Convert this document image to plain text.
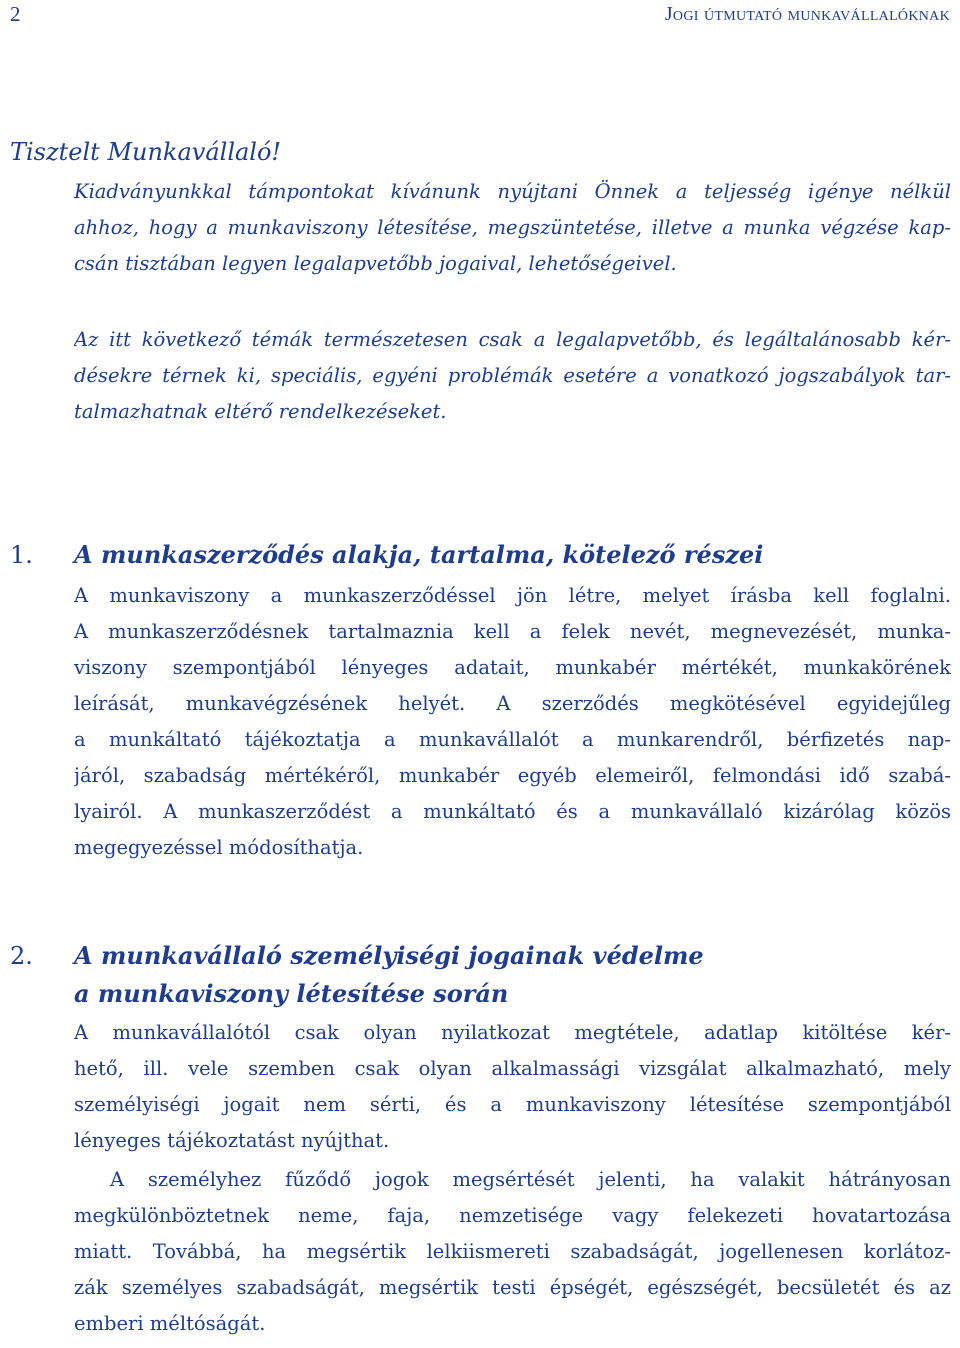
2	Jogi útmutató munkavállalóknak
Tisztelt Munkavállaló!
Kiadványunkkal támpontokat kívánunk nyújtani Önnek a teljesség igénye nélkül
ahhoz, hogy a munkaviszony létesítése, megszüntetése, illetve a munka végzése kap-
csán tisztában legyen legalapvetőbb jogaival, lehetőségeivel.
Az itt következő témák természetesen csak a legalapvetőbb, és legáltalánosabb kér-
désekre térnek ki, speciális, egyéni problémák esetére a vonatkozó jogszabályok tar-
talmazhatnak eltérő rendelkezéseket.
1. A munkaszerződés alakja, tartalma, kötelező részei
A munkaviszony a munkaszerződéssel jön létre, melyet írásba kell foglalni.
A munkaszerződésnek tartalmaznia kell a felek nevét, megnevezését, munka-
viszony szempontjából lényeges adatait, munkabér mértékét, munkakörének
leírását, munkavégzésének helyét. A szerződés megkötésével egyidejűleg
a munkáltató tájékoztatja a munkavállalót a munkarendről, bérfizetés nap-
járól, szabadság mértékéről, munkabér egyéb elemeiről, felmondási idő szabá-
lyairól. A munkaszerződést a munkáltató és a munkavállaló kizárólag közös
megegyezéssel módosíthatja.
2. A munkavállaló személyiségi jogainak védelme
a munkaviszony létesítése során
A munkavállalótól csak olyan nyilatkozat megtétele, adatlap kitöltése kér-
hető, ill. vele szemben csak olyan alkalmassági vizsgálat alkalmazható, mely
személyiségi jogait nem sérti, és a munkaviszony létesítése szempontjából
lényeges tájékoztatást nyújthat.
A személyhez fűződő jogok megsértését jelenti, ha valakit hátrányosan
megkülönböztetnek neme, faja, nemzetisége vagy felekezeti hovatartozása
miatt. Továbbá, ha megsértik lelkiismereti szabadságát, jogellenesen korlátoz-
zák személyes szabadságát, megsértik testi épségét, egészségét, becsületét és az
emberi méltóságát.
